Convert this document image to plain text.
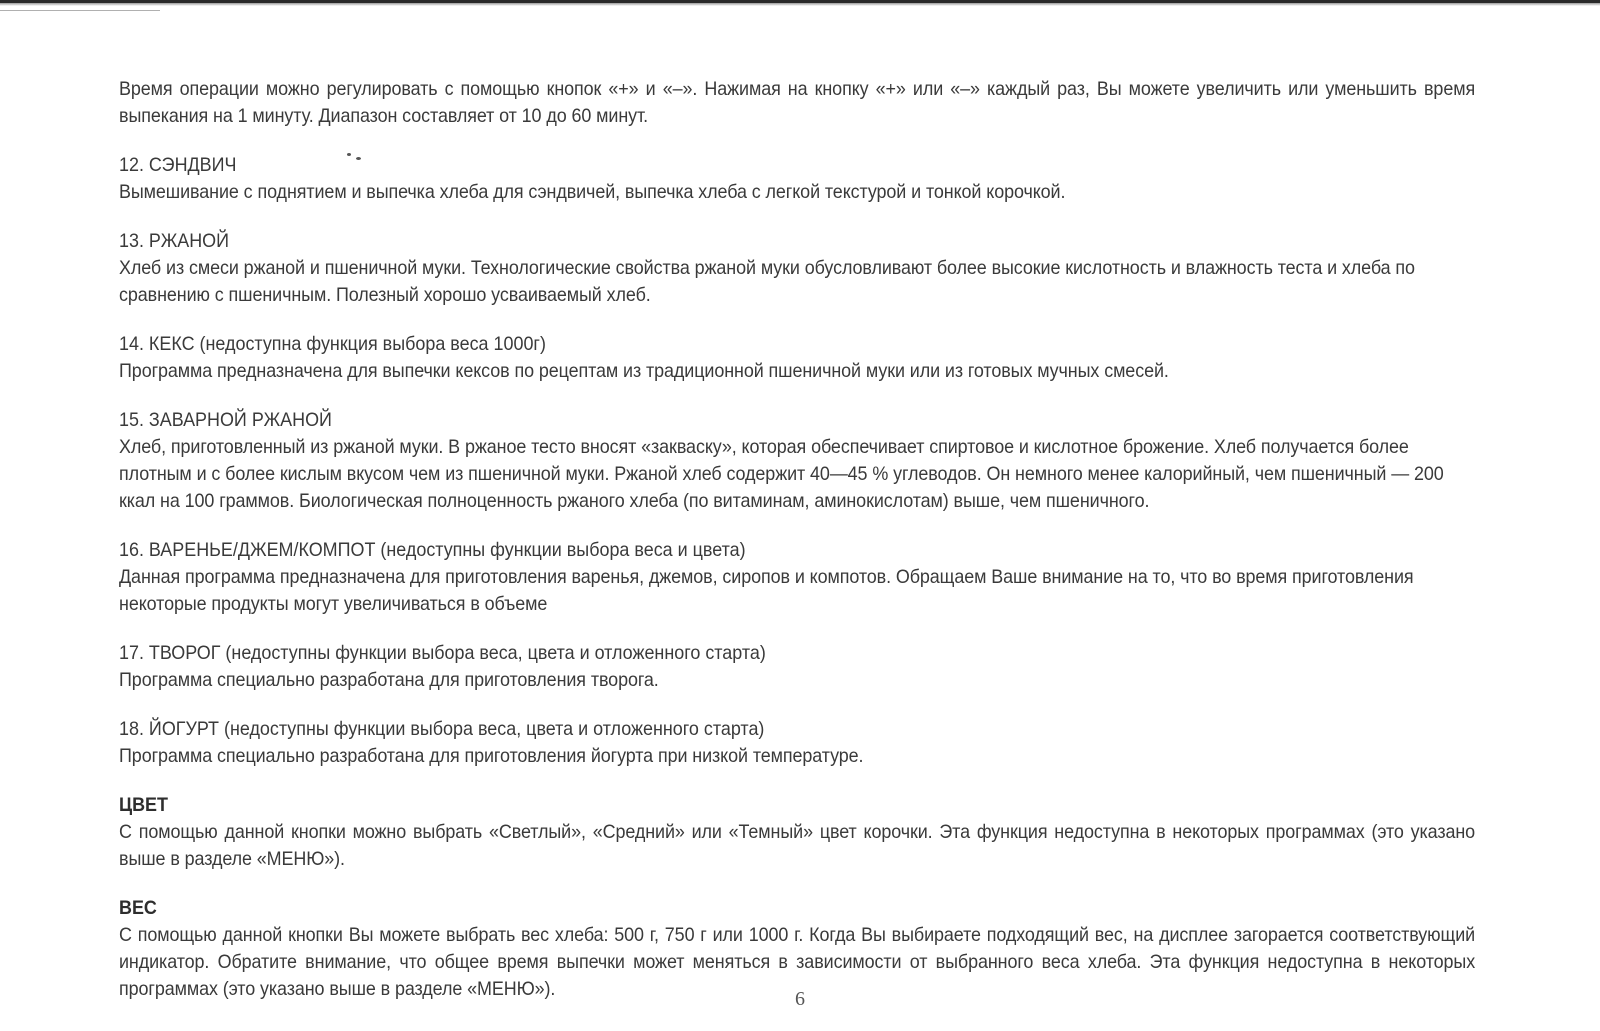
Время операции можно регулировать с помощью кнопок «+» и «–». Нажимая на кнопку «+» или «–» каждый раз, Вы можете увеличить или уменьшить время выпекания на 1 минуту. Диапазон составляет от 10 до 60 минут.

12. СЭНДВИЧ

Вымешивание с поднятием и выпечка хлеба для сэндвичей, выпечка хлеба с легкой текстурой и тонкой корочкой.

13. РЖАНОЙ

Хлеб из смеси ржаной и пшеничной муки. Технологические свойства ржаной муки обусловливают более высокие кислотность и влажность теста и хлеба по сравнению с пшеничным. Полезный хорошо усваиваемый хлеб.

14. КЕКС (недоступна функция выбора веса 1000г)

Программа предназначена для выпечки кексов по рецептам из традиционной пшеничной муки или из готовых мучных смесей.

15. ЗАВАРНОЙ РЖАНОЙ

Хлеб, приготовленный из ржаной муки. В ржаное тесто вносят «закваску», которая обеспечивает спиртовое и кислотное брожение. Хлеб получается более плотным и с более кислым вкусом чем из пшеничной муки. Ржаной хлеб содержит 40—45 % углеводов. Он немного менее калорийный, чем пшеничный — 200 ккал на 100 граммов. Биологическая полноценность ржаного хлеба (по витаминам, аминокислотам) выше, чем пшеничного.

16. ВАРЕНЬЕ/ДЖЕМ/КОМПОТ (недоступны функции выбора веса и цвета)

Данная программа предназначена для приготовления варенья, джемов, сиропов и компотов. Обращаем Ваше внимание на то, что во время приготовления некоторые продукты могут увеличиваться в объеме

17. ТВОРОГ (недоступны функции выбора веса, цвета и отложенного старта)

Программа специально разработана для приготовления творога.

18. ЙОГУРТ (недоступны функции выбора веса, цвета и отложенного старта)

Программа специально разработана для приготовления йогурта при низкой температуре.

ЦВЕТ

С помощью данной кнопки можно выбрать «Светлый», «Средний» или «Темный» цвет корочки. Эта функция недоступна в некоторых программах (это указано выше в разделе «МЕНЮ»).

ВЕС

С помощью данной кнопки Вы можете выбрать вес хлеба: 500 г, 750 г или 1000 г. Когда Вы выбираете подходящий вес, на дисплее загорается соответствующий индикатор. Обратите внимание, что общее время выпечки может меняться в зависимости от выбранного веса хлеба. Эта функция недоступна в некоторых программах (это указано выше в разделе «МЕНЮ»).	6
